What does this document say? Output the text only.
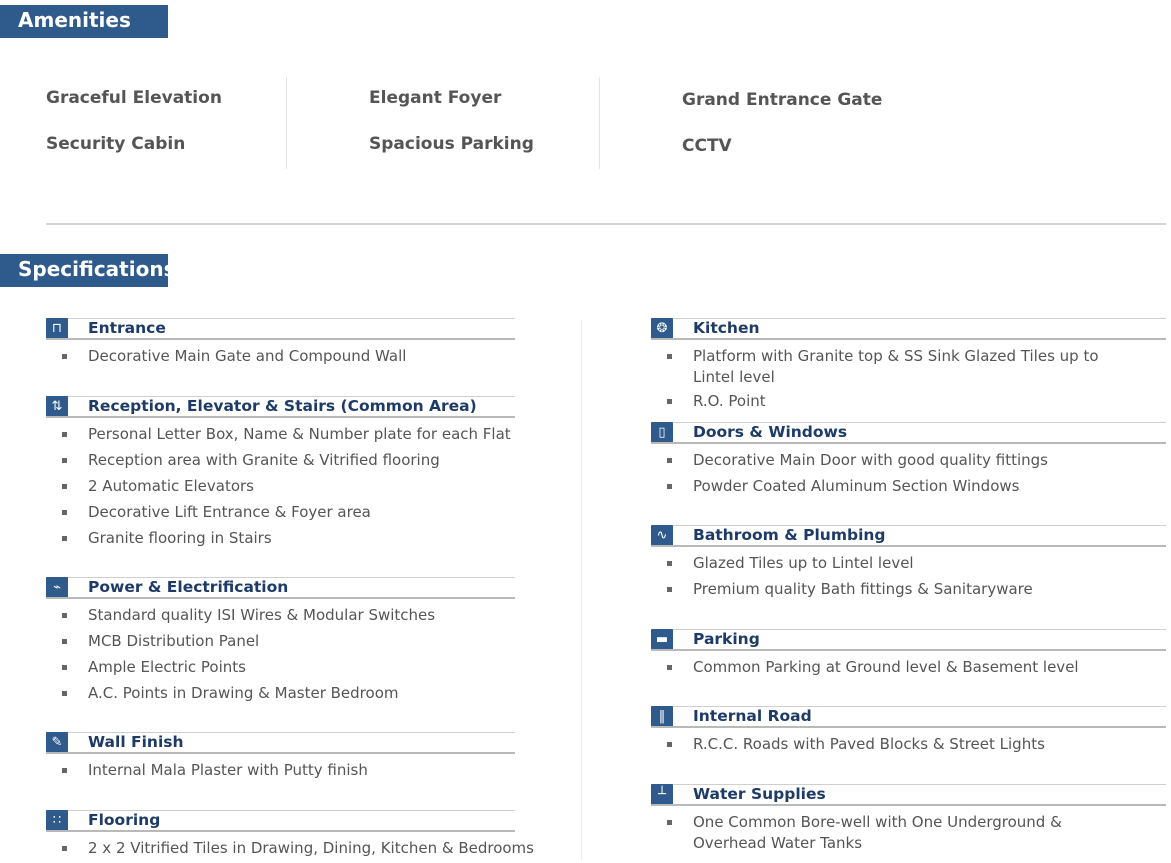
Amenities
Graceful Elevation
Security Cabin
Elegant Foyer
Spacious Parking
Grand Entrance Gate
CCTV
Specifications
⊓	Entrance
Decorative Main Gate and Compound Wall
⇅	Reception, Elevator & Stairs (Common Area)
Personal Letter Box, Name & Number plate for each Flat
Reception area with Granite & Vitrified flooring
2 Automatic Elevators
Decorative Lift Entrance & Foyer area
Granite flooring in Stairs
⌁	Power & Electrification
Standard quality ISI Wires & Modular Switches
MCB Distribution Panel
Ample Electric Points
A.C. Points in Drawing & Master Bedroom
✎	Wall Finish
Internal Mala Plaster with Putty finish
∷	Flooring
2 x 2 Vitrified Tiles in Drawing, Dining, Kitchen & Bedrooms
❂	Kitchen
Platform with Granite top & SS Sink Glazed Tiles up to Lintel level
R.O. Point
▯	Doors & Windows
Decorative Main Door with good quality fittings
Powder Coated Aluminum Section Windows
∿	Bathroom & Plumbing
Glazed Tiles up to Lintel level
Premium quality Bath fittings & Sanitaryware
▬	Parking
Common Parking at Ground level & Basement level
‖	Internal Road
R.C.C. Roads with Paved Blocks & Street Lights
┴	Water Supplies
One Common Bore-well with One Underground & Overhead Water Tanks
